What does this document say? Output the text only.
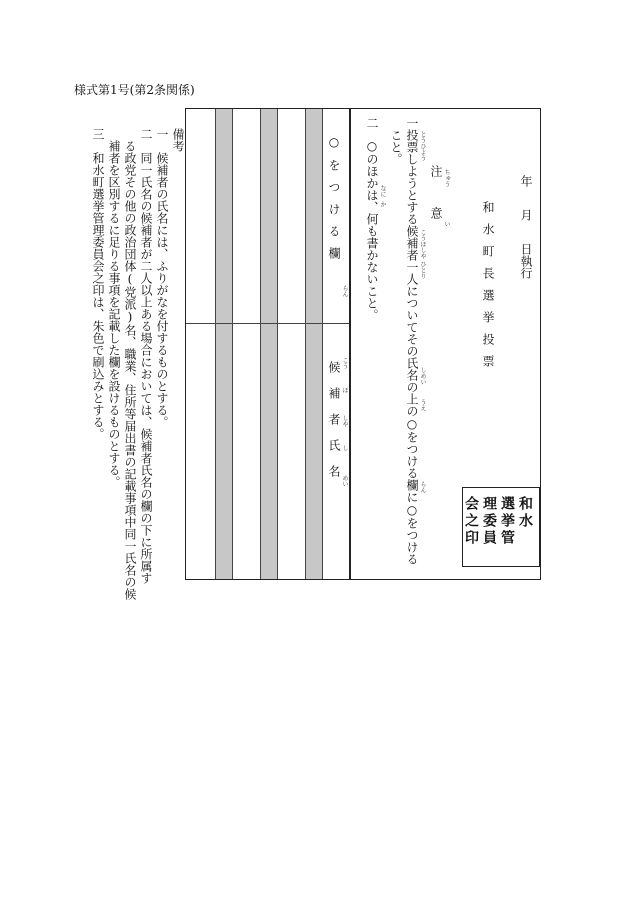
様式第1号(第2条関係)
備考
一　候補者の氏名には、ふりがなを付するものとする。
二　同一氏名の候補者が二人以上ある場合においては、候補者氏名の欄の下に所属す
る政党その他の政治団体(党派)名、職業、住所等届出書の記載事項中同一氏名の候
補者を区別するに足りる事項を記載した欄を設けるものとする。
三　和水町選挙管理委員会之印は、朱色で刷込みとする。	○をつける欄
らん
候補者氏名 こう
ほ
しや
し
めい
二
○のほかは、何も書かないこと。 なに
か
こと。
一
投票しようとする候補者一人についてその氏名の上の○をつける欄に○をつける とうひよう
こうほしや
ひとり
しめい
うえ
らん
注意 ちゅう
い	和水町長選挙投票
年
月
日執行
和水
選挙管
理委員
会之印
